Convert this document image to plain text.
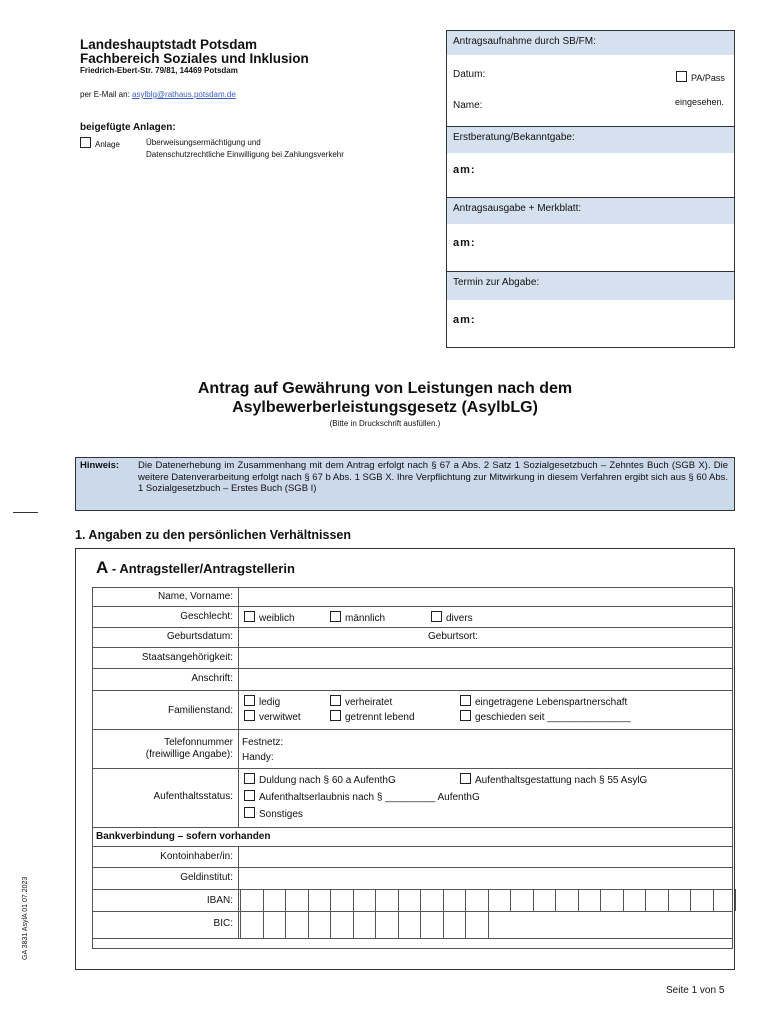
Landeshauptstadt Potsdam
Fachbereich Soziales und Inklusion
Friedrich-Ebert-Str. 79/81, 14469 Potsdam
per E-Mail an: asylblg@rathaus.potsdam.de
beigefügte Anlagen:
Anlage	Überweisungsermächtigung und
Datenschutzrechtliche Einwilligung bei Zahlungsverkehr
Antragsaufnahme durch SB/FM:
Datum:
Name:
PA/Pass
eingesehen.
Erstberatung/Bekanntgabe:
am:
Antragsausgabe + Merkblatt:
am:
Termin zur Abgabe:
am:
Antrag auf Gewährung von Leistungen nach dem
Asylbewerberleistungsgesetz (AsylbLG)
(Bitte in Druckschrift ausfüllen.)
Hinweis: Die Datenerhebung im Zusammenhang mit dem Antrag erfolgt nach § 67 a Abs. 2 Satz 1 Sozialgesetzbuch – Zehntes Buch (SGB X). Die weitere Datenverarbeitung erfolgt nach § 67 b Abs. 1 SGB X. Ihre Verpflichtung zur Mitwirkung in diesem Verfahren ergibt sich aus § 60 Abs. 1 Sozialgesetzbuch – Erstes Buch (SGB I)
1. Angaben zu den persönlichen Verhältnissen
A - Antragsteller/Antragstellerin
Name, Vorname:
Geschlecht:	weiblich	männlich	divers
Geburtsdatum:	Geburtsort:
Staatsangehörigkeit:
Anschrift:
Familienstand:
ledig	verheiratet	eingetragene Lebenspartnerschaft
verwitwet	getrennt lebend	geschieden seit _______________
Telefonnummer
(freiwillige Angabe):
Festnetz:
Handy:
Aufenthaltsstatus:
Duldung nach § 60 a AufenthG	Aufenthaltsgestattung nach § 55 AsylG
Aufenthaltserlaubnis nach § _________ AufenthG
Sonstiges
Bankverbindung – sofern vorhanden
Kontoinhaber/in:
Geldinstitut:
IBAN:
BIC:
Seite 1 von 5
GA 3831 AsylA 01 07.2023
